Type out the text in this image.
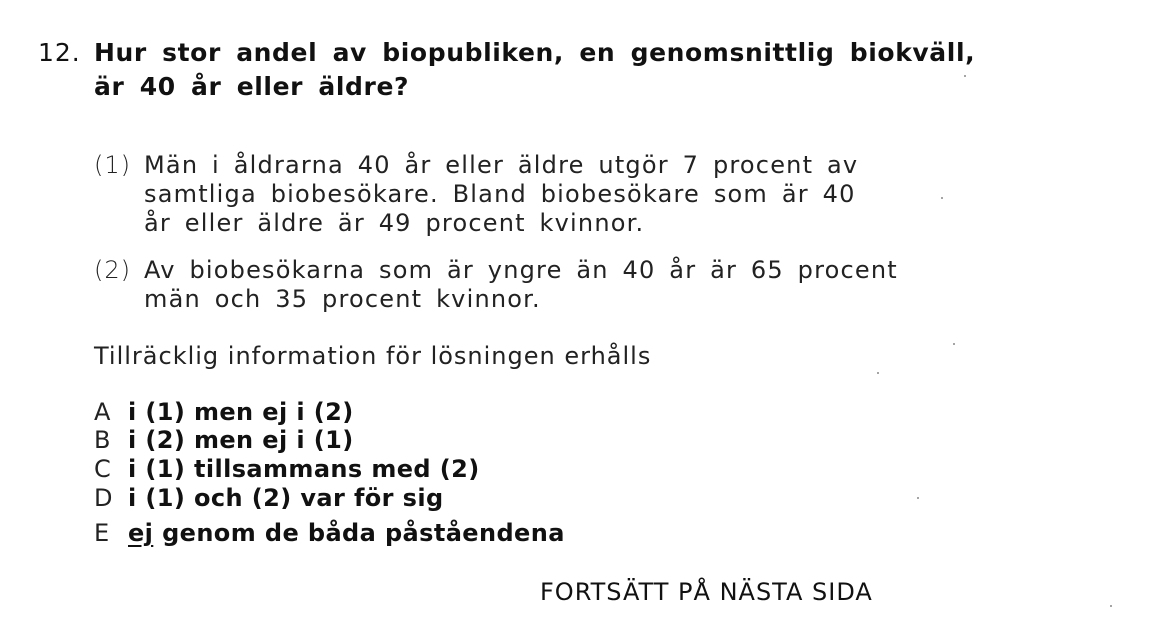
12. Hur stor andel av biopubliken, en genomsnittlig biokväll,
är 40 år eller äldre?
(1) Män i åldrarna 40 år eller äldre utgör 7 procent av
samtliga biobesökare. Bland biobesökare som är 40
år eller äldre är 49 procent kvinnor.
(2) Av biobesökarna som är yngre än 40 år är 65 procent
män och 35 procent kvinnor.
Tillräcklig information för lösningen erhålls
A i (1) men ej i (2)
B i (2) men ej i (1)
C i (1) tillsammans med (2)
D i (1) och (2) var för sig
E ej genom de båda påståendena
FORTSÄTT PÅ NÄSTA SIDA
